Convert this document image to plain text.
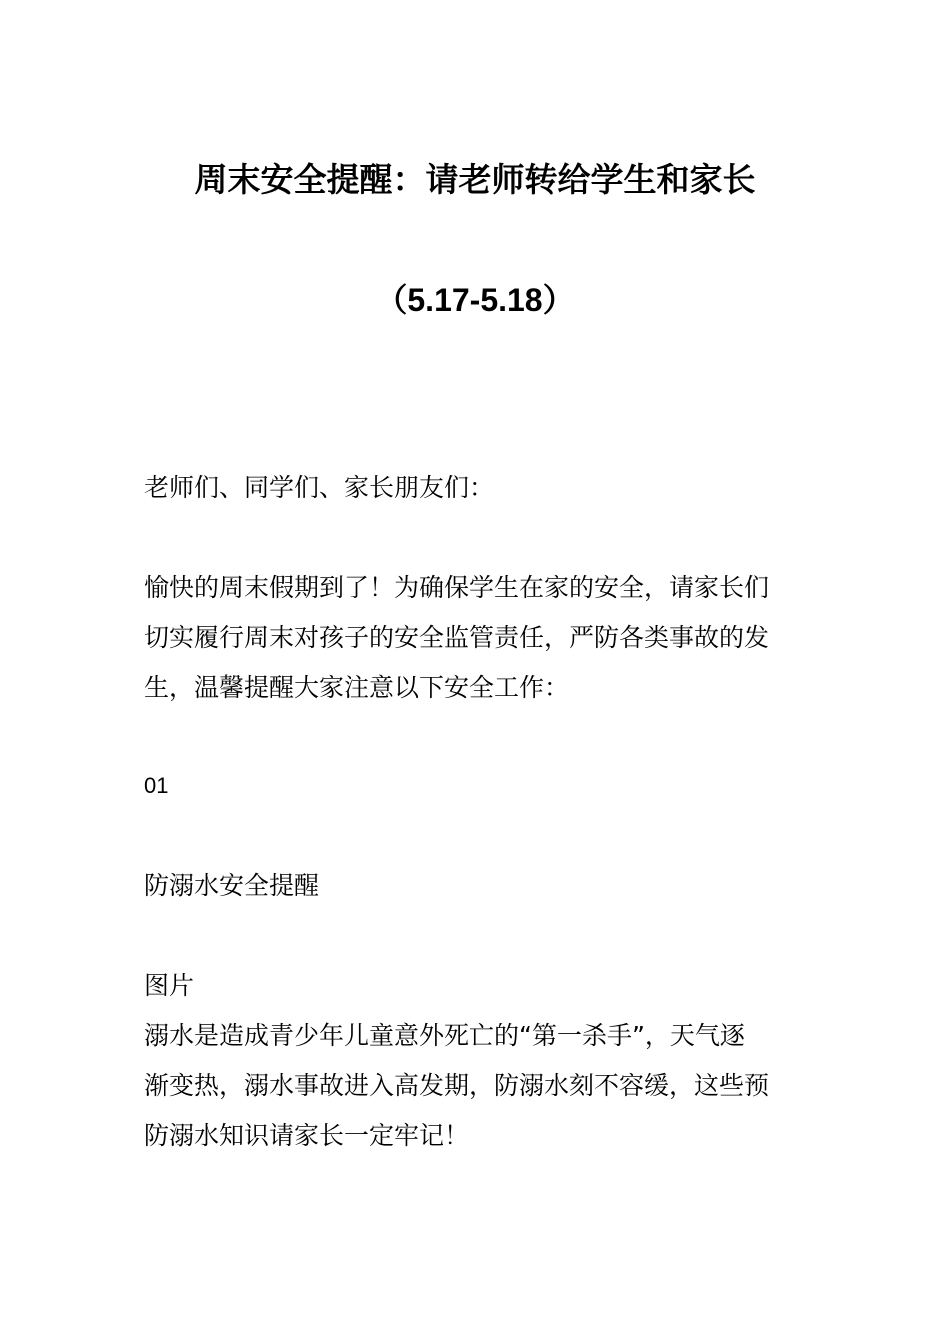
周末安全提醒：请老师转给学生和家长
（5.17-5.18）
老师们、同学们、家长朋友们：
愉快的周末假期到了！为确保学生在家的安全，请家长们
切实履行周末对孩子的安全监管责任，严防各类事故的发
生，温馨提醒大家注意以下安全工作：
01
防溺水安全提醒
图片
溺水是造成青少年儿童意外死亡的“第一杀手”，天气逐
渐变热，溺水事故进入高发期，防溺水刻不容缓，这些预
防溺水知识请家长一定牢记！
